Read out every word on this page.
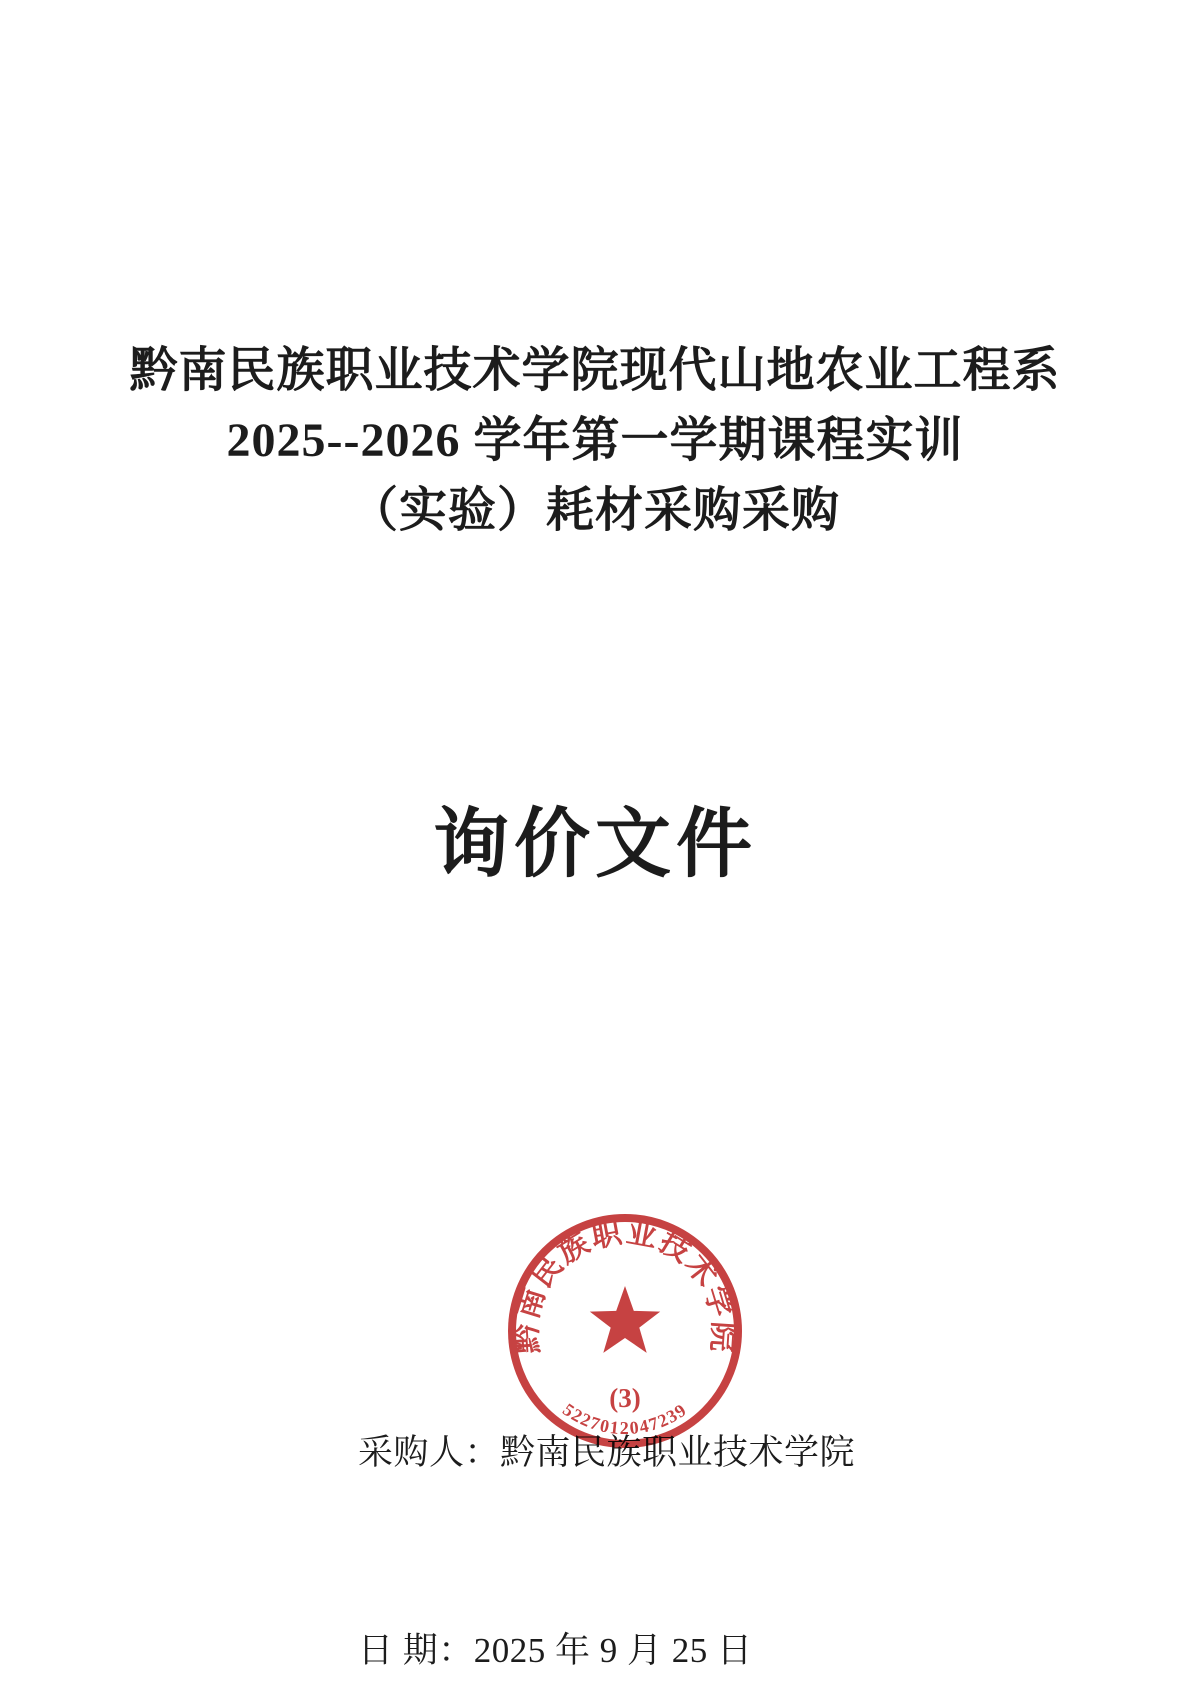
黔南民族职业技术学院现代山地农业工程系
2025--2026 学年第一学期课程实训
（实验）耗材采购采购
询价文件

采购人：黔南民族职业技术学院

日 期：2025 年 9 月 25 日

黔南民族职业技术学院
(3)
5227012047239
